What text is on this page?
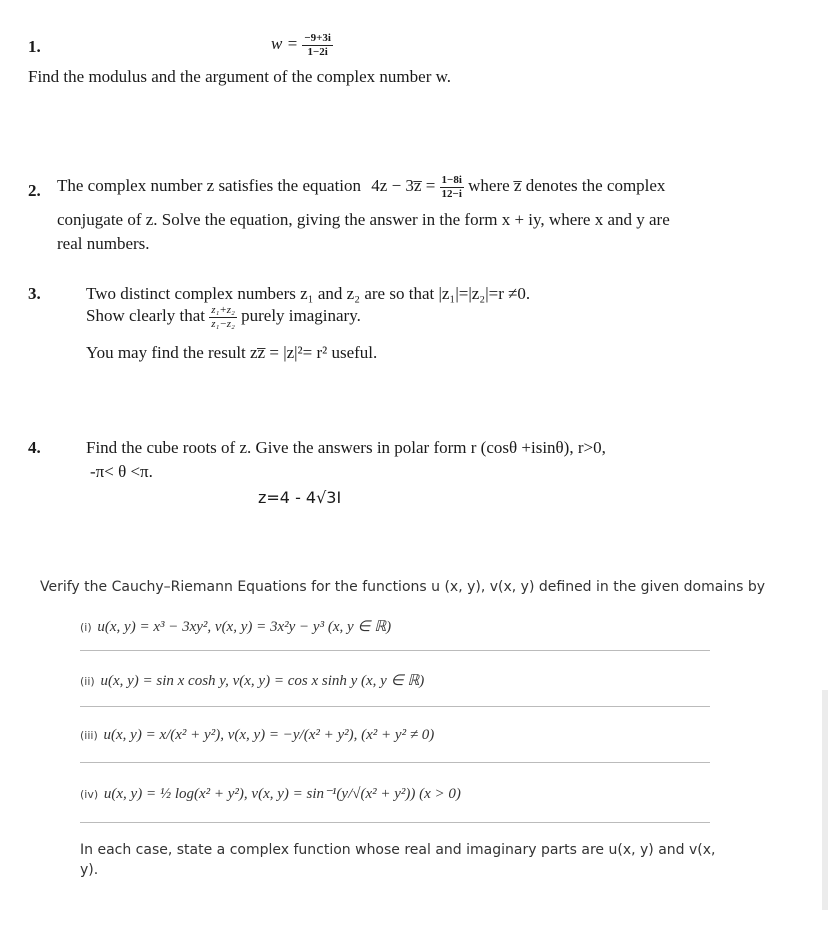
1.	$w = \frac{-9+3i}{1-2i}$
Find the modulus and the argument of the complex number w.
2. The complex number z satisfies the equation 4z − 3z̅ = $\frac{1-8i}{12-i}$ where z̅ denotes the complex
conjugate of z. Solve the equation, giving the answer in the form x + iy, where x and y are
real numbers.
3.	Two distinct complex numbers z₁ and z₂ are so that |z₁|=|z₂|=r ≠0.
Show clearly that $\frac{\text{z₁+z₂}}{\text{z₁−z₂}}$ purely imaginary.
You may find the result zz̅ = |z|²= r² useful.
4.	Find the cube roots of z. Give the answers in polar form r (cosθ +isinθ), r>0,
-π< θ <π.
z=4 - 4√3I
Verify the Cauchy–Riemann Equations for the functions u (x, y), v(x, y) defined in the given domains by
(i) u(x, y) = x³ − 3xy², v(x, y) = 3x²y − y³ (x, y ∈ ℝ)
(ii) u(x, y) = sin x cosh y, v(x, y) = cos x sinh y (x, y ∈ ℝ)
(iii) u(x, y) = x/(x² + y²), v(x, y) = −y/(x² + y²), (x² + y² ≠ 0)
(iv) u(x, y) = ½ log(x² + y²), v(x, y) = sin⁻¹(y/√(x² + y²)) (x > 0)
In each case, state a complex function whose real and imaginary parts are u(x, y) and v(x,
y).
